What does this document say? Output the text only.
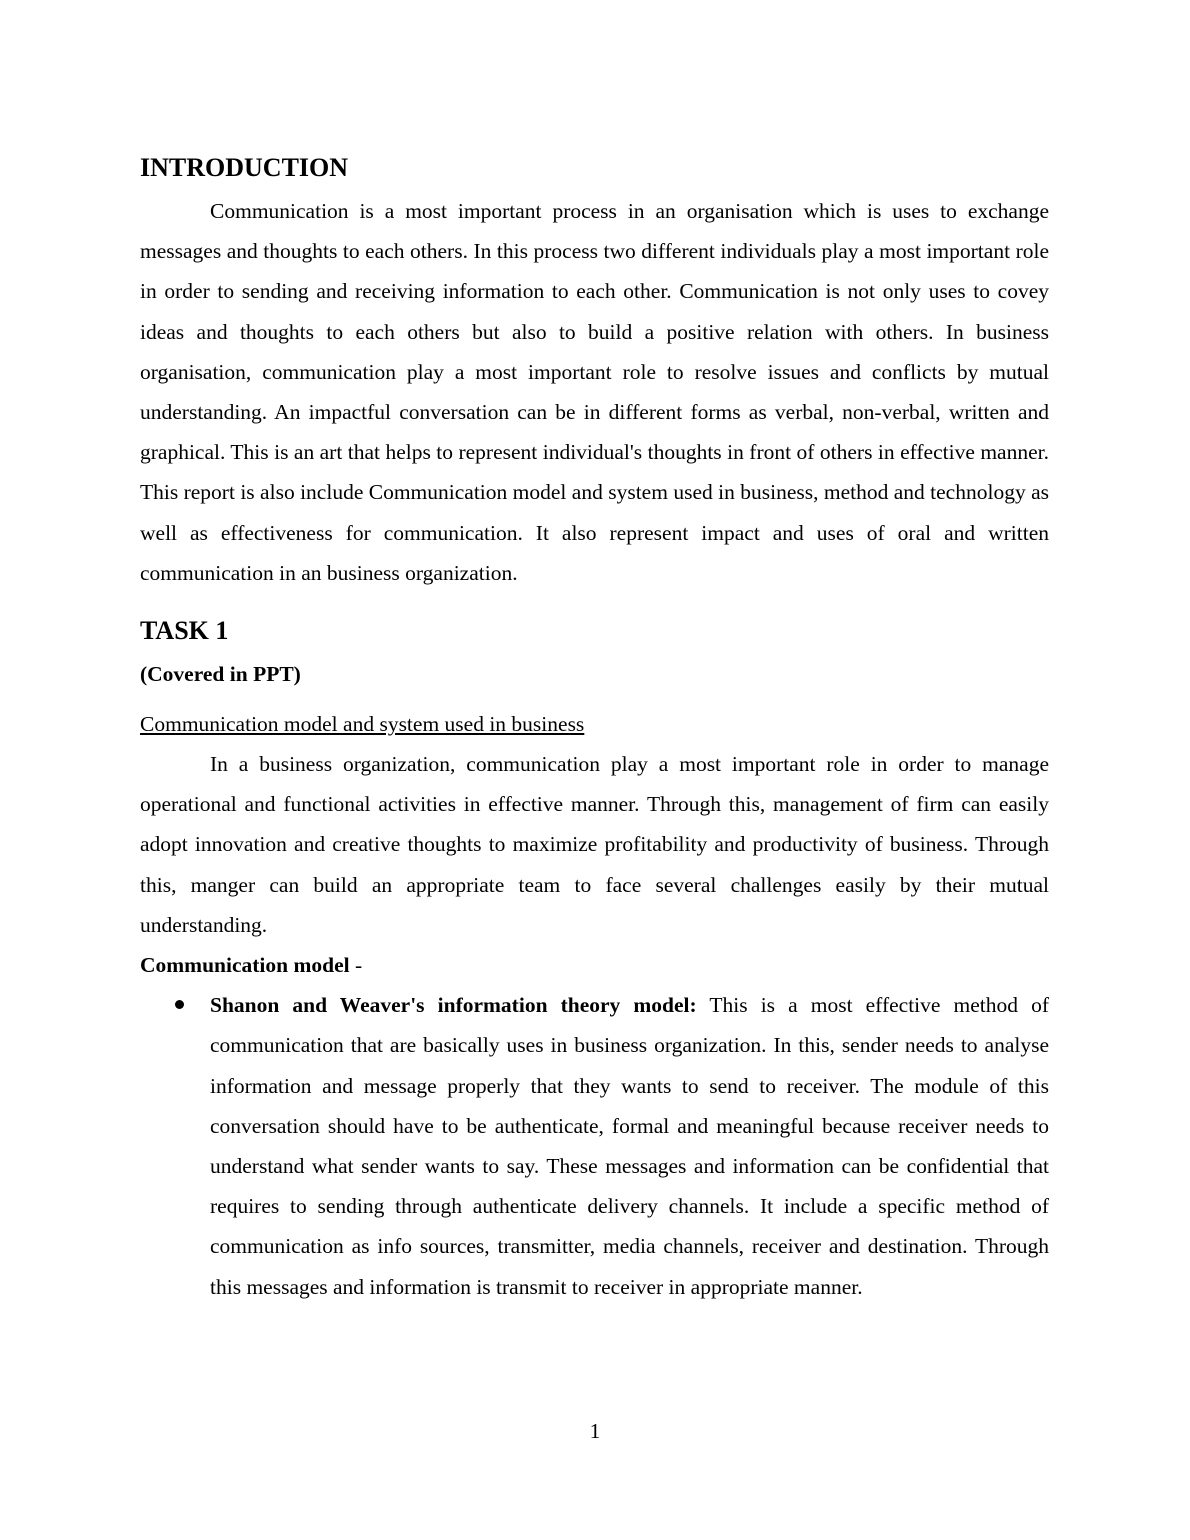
INTRODUCTION

Communication is a most important process in an organisation which is uses to exchange messages and thoughts to each others. In this process two different individuals play a most important role in order to sending and receiving information to each other. Communication is not only uses to covey ideas and thoughts to each others but also to build a positive relation with others. In business organisation, communication play a most important role to resolve issues and conflicts by mutual understanding. An impactful conversation can be in different forms as verbal, non-verbal, written and graphical. This is an art that helps to represent individual's thoughts in front of others in effective manner. This report is also include Communication model and system used in business, method and technology as well as effectiveness for communication. It also represent impact and uses of oral and written communication in an business organization.

TASK 1
(Covered in PPT)
Communication model and system used in business

In a business organization, communication play a most important role in order to manage operational and functional activities in effective manner. Through this, management of firm can easily adopt innovation and creative thoughts to maximize profitability and productivity of business. Through this, manger can build an appropriate team to face several challenges easily by their mutual understanding.

Communication model -
Shanon and Weaver's information theory model: This is a most effective method of communication that are basically uses in business organization. In this, sender needs to analyse information and message properly that they wants to send to receiver. The module of this conversation should have to be authenticate, formal and meaningful because receiver needs to understand what sender wants to say. These messages and information can be confidential that requires to sending through authenticate delivery channels. It include a specific method of communication as info sources, transmitter, media channels, receiver and destination. Through this messages and information is transmit to receiver in appropriate manner.
1
